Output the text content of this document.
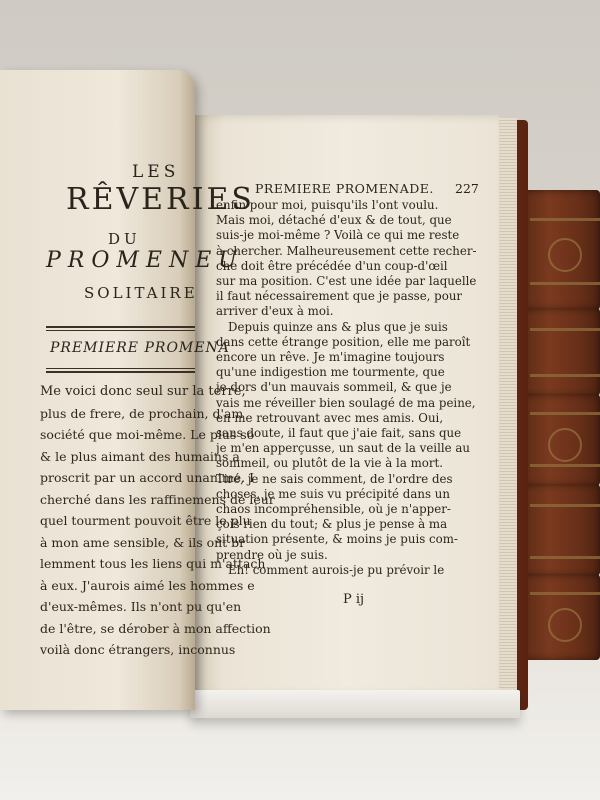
PREMIERE PROMENADE. 227
enfin pour moi, puisqu'ils l'ont voulu.
Mais moi, détaché d'eux & de tout, que
suis-je moi-même ? Voilà ce qui me reste
à chercher. Malheureusement cette recher-
che doit être précédée d'un coup-d'œil
sur ma position. C'est une idée par laquelle
il faut nécessairement que je passe, pour
arriver d'eux à moi.
Depuis quinze ans & plus que je suis
dans cette étrange position, elle me paroît
encore un rêve. Je m'imagine toujours
qu'une indigestion me tourmente, que
je dors d'un mauvais sommeil, & que je
vais me réveiller bien soulagé de ma peine,
en me retrouvant avec mes amis. Oui,
sans doute, il faut que j'aie fait, sans que
je m'en apperçusse, un saut de la veille au
sommeil, ou plutôt de la vie à la mort.
Tiré, je ne sais comment, de l'ordre des
choses, je me suis vu précipité dans un
chaos incompréhensible, où je n'apper-
çois rien du tout; & plus je pense à ma
situation présente, & moins je puis com-
prendre où je suis.
Eh! comment aurois-je pu prévoir le
P ij
LES
RÊVERIES
DU
PROMENEU
SOLITAIRE
PREMIERE PROMENA
Me voici donc seul sur la terre,
plus de frere, de prochain, d'am
société que moi-même. Le plus so
& le plus aimant des humains a
proscrit par un accord unanime. I
cherché dans les raffinemens de leur
quel tourment pouvoit être le plu
à mon ame sensible, & ils ont br
lemment tous les liens qui m'attach
à eux. J'aurois aimé les hommes e
d'eux-mêmes. Ils n'ont pu qu'en
de l'être, se dérober à mon affection
voilà donc étrangers, inconnus
